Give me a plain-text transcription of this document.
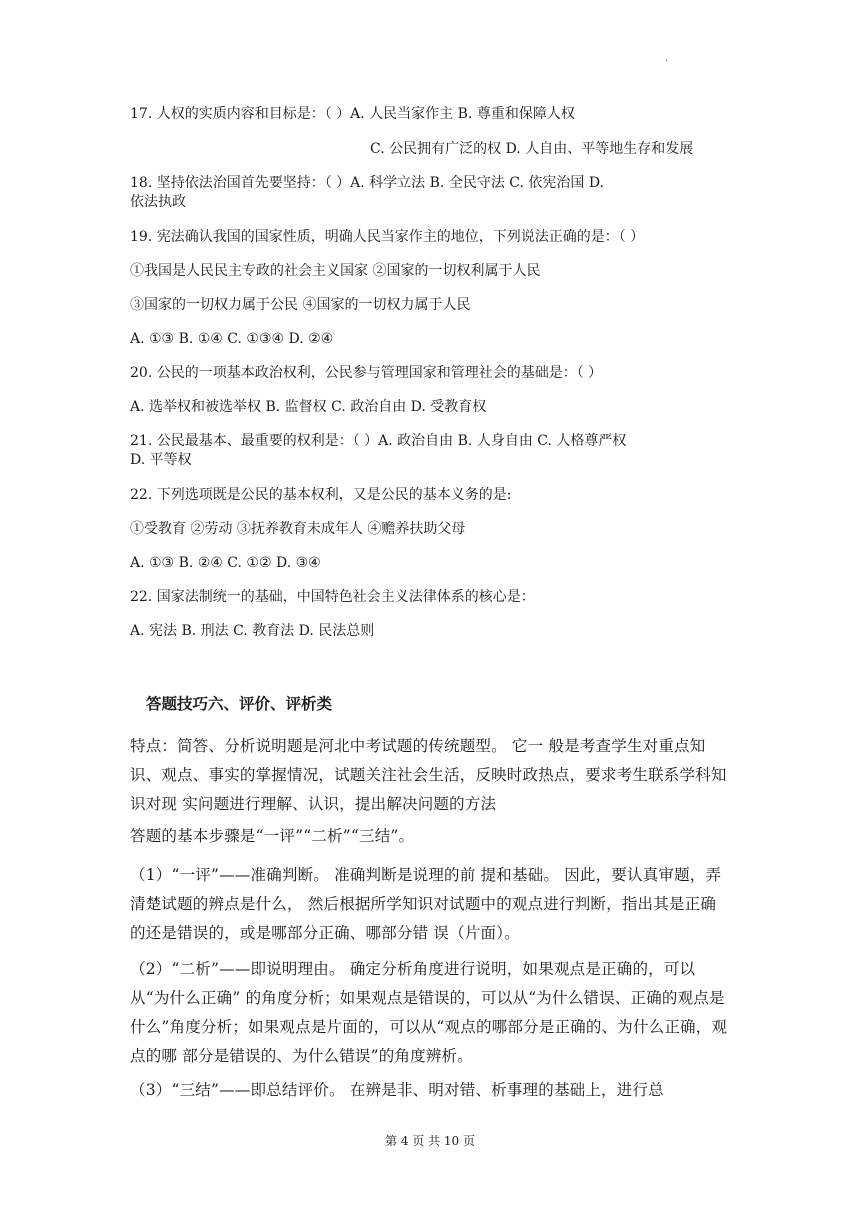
·
17. 人权的实质内容和目标是：（ ）A. 人民当家作主 B. 尊重和保障人权
C. 公民拥有广泛的权 D. 人自由、平等地生存和发展
18. 坚持依法治国首先要坚持：（ ）A. 科学立法 B. 全民守法 C. 依宪治国 D.
依法执政
19. 宪法确认我国的国家性质，明确人民当家作主的地位，下列说法正确的是：（ ）
①我国是人民民主专政的社会主义国家 ②国家的一切权利属于人民
③国家的一切权力属于公民 ④国家的一切权力属于人民
A. ①③ B. ①④ C. ①③④ D. ②④
20. 公民的一项基本政治权利，公民参与管理国家和管理社会的基础是：（ ）
A. 选举权和被选举权 B. 监督权 C. 政治自由 D. 受教育权
21. 公民最基本、最重要的权利是：（ ）A. 政治自由 B. 人身自由 C. 人格尊严权
D. 平等权
22. 下列选项既是公民的基本权利，又是公民的基本义务的是:
①受教育 ②劳动 ③抚养教育未成年人 ④赡养扶助父母
A. ①③ B. ②④ C. ①② D. ③④
22. 国家法制统一的基础，中国特色社会主义法律体系的核心是：
A. 宪法 B. 刑法 C. 教育法 D. 民法总则
答题技巧六、评价、评析类
特点：简答、分析说明题是河北中考试题的传统题型。 它一 般是考查学生对重点知识、观点、事实的掌握情况，试题关注社会生活，反映时政热点，要求考生联系学科知识对现 实问题进行理解、认识，提出解决问题的方法
答题的基本步骤是“一评”“二析”“三结”。
（1）“一评”——准确判断。 准确判断是说理的前 提和基础。 因此，要认真审题，弄清楚试题的辨点是什么， 然后根据所学知识对试题中的观点进行判断，指出其是正确的还是错误的，或是哪部分正确、哪部分错 误（片面）。
（2）“二析”——即说明理由。 确定分析角度进行说明，如果观点是正确的，可以从“为什么正确” 的角度分析；如果观点是错误的，可以从“为什么错误、正确的观点是什么”角度分析；如果观点是片面的，可以从“观点的哪部分是正确的、为什么正确，观点的哪 部分是错误的、为什么错误”的角度辨析。
（3）“三结”——即总结评价。 在辨是非、明对错、析事理的基础上，进行总
第 4 页 共 10 页
